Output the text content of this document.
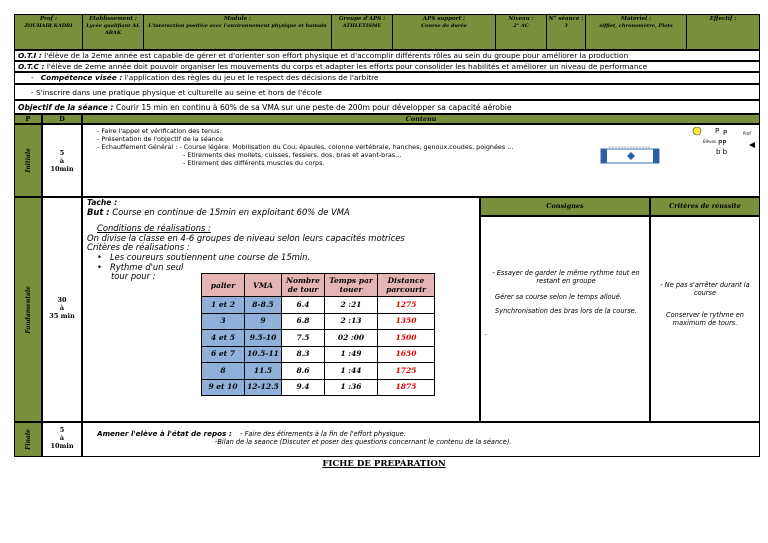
Prof :
ZOUHAIR KADRI

Etablissement :
Lycée qualifiant AL ABAK

Module :
L'interaction positive avec l'environnement physique et humain

Groupe d'APS :
ATHLETISME

APS support :
Course de durée

Niveau :
2° AC

N° séance :
3

Matériel :
sifflet, chronomètre, Plots

Effectif :
O.T.I : l'élève de la 2eme année est capable de gérer et d'orienter son effort physique et d'accomplir différents rôles au sein du groupe pour améliorer la production
O.T.C : l'élève de 2eme année doit pouvoir organiser les mouvements du corps et adapter les efforts pour consolider les habilités et améliorer un niveau de performance
- Compétence visée : l'application des règles du jeu et le respect des décisions de l'arbitre
- S'inscrire dans une pratique physique et culturelle au seine et hors de l'école
Objectif de la séance : Courir 15 min en continu à 60% de sa VMA sur une peste de 200m pour développer sa capacité aérobie
P	D	Contenu
Initiale	5
à
10min
- Faire l'appel et vérification des tenus.
- Présentation de l'objectif de la séance
- Echauffement Général : - Course légère. Mobilisation du Cou, épaules, colonne vertébrale, hanches, genoux,coudes, poignées …
- Etirements des mollets, cuisses, fessiers, dos, bras et avant-bras…
- Etirement des différents muscles du corps.
Elèves
P P
PP
b b
Prof
Fondamentale	30
à
35 min
Tache :
But : Course en continue de 15min en exploitant 60% de VMA
Conditions de réalisations :
On divise la classe en 4-6 groupes de niveau selon leurs capacités motrices
Critères de réalisations :
•   Les coureurs soutiennent une course de 15min.
•   Rythme d'un seul
tour pour :
palier	VMA	Nombre de tour	Temps par touer	Distance parcourir
1 et 2	8-8.5	6.4	2 :21	1275
3	9	6.8	2 :13	1350
4 et 5	9.5-10	7.5	02 :00	1500
6 et 7	10.5-11	8.3	1 :49	1650
8	11.5	8.6	1 :44	1725
9 et 10	12-12.5	9.4	1 :36	1875
Consignes
- Essayer de garder le même rythme tout en restant en groupe
Gérer sa course selon le temps alloué.
Synchronisation des bras lors de la course.
.
Critères de réussite
- Ne pas s'arrêter durant la course
Conserver le rythme en maximum de tours.
Finale	5
à
10min
Amener l'elève à l'état de repos : - Faire des étirements à la fin de l'effort physique.
-Bilan de la seance (Discuter et poser des questions concernant le contenu de la séance).
FICHE DE PREPARATION
